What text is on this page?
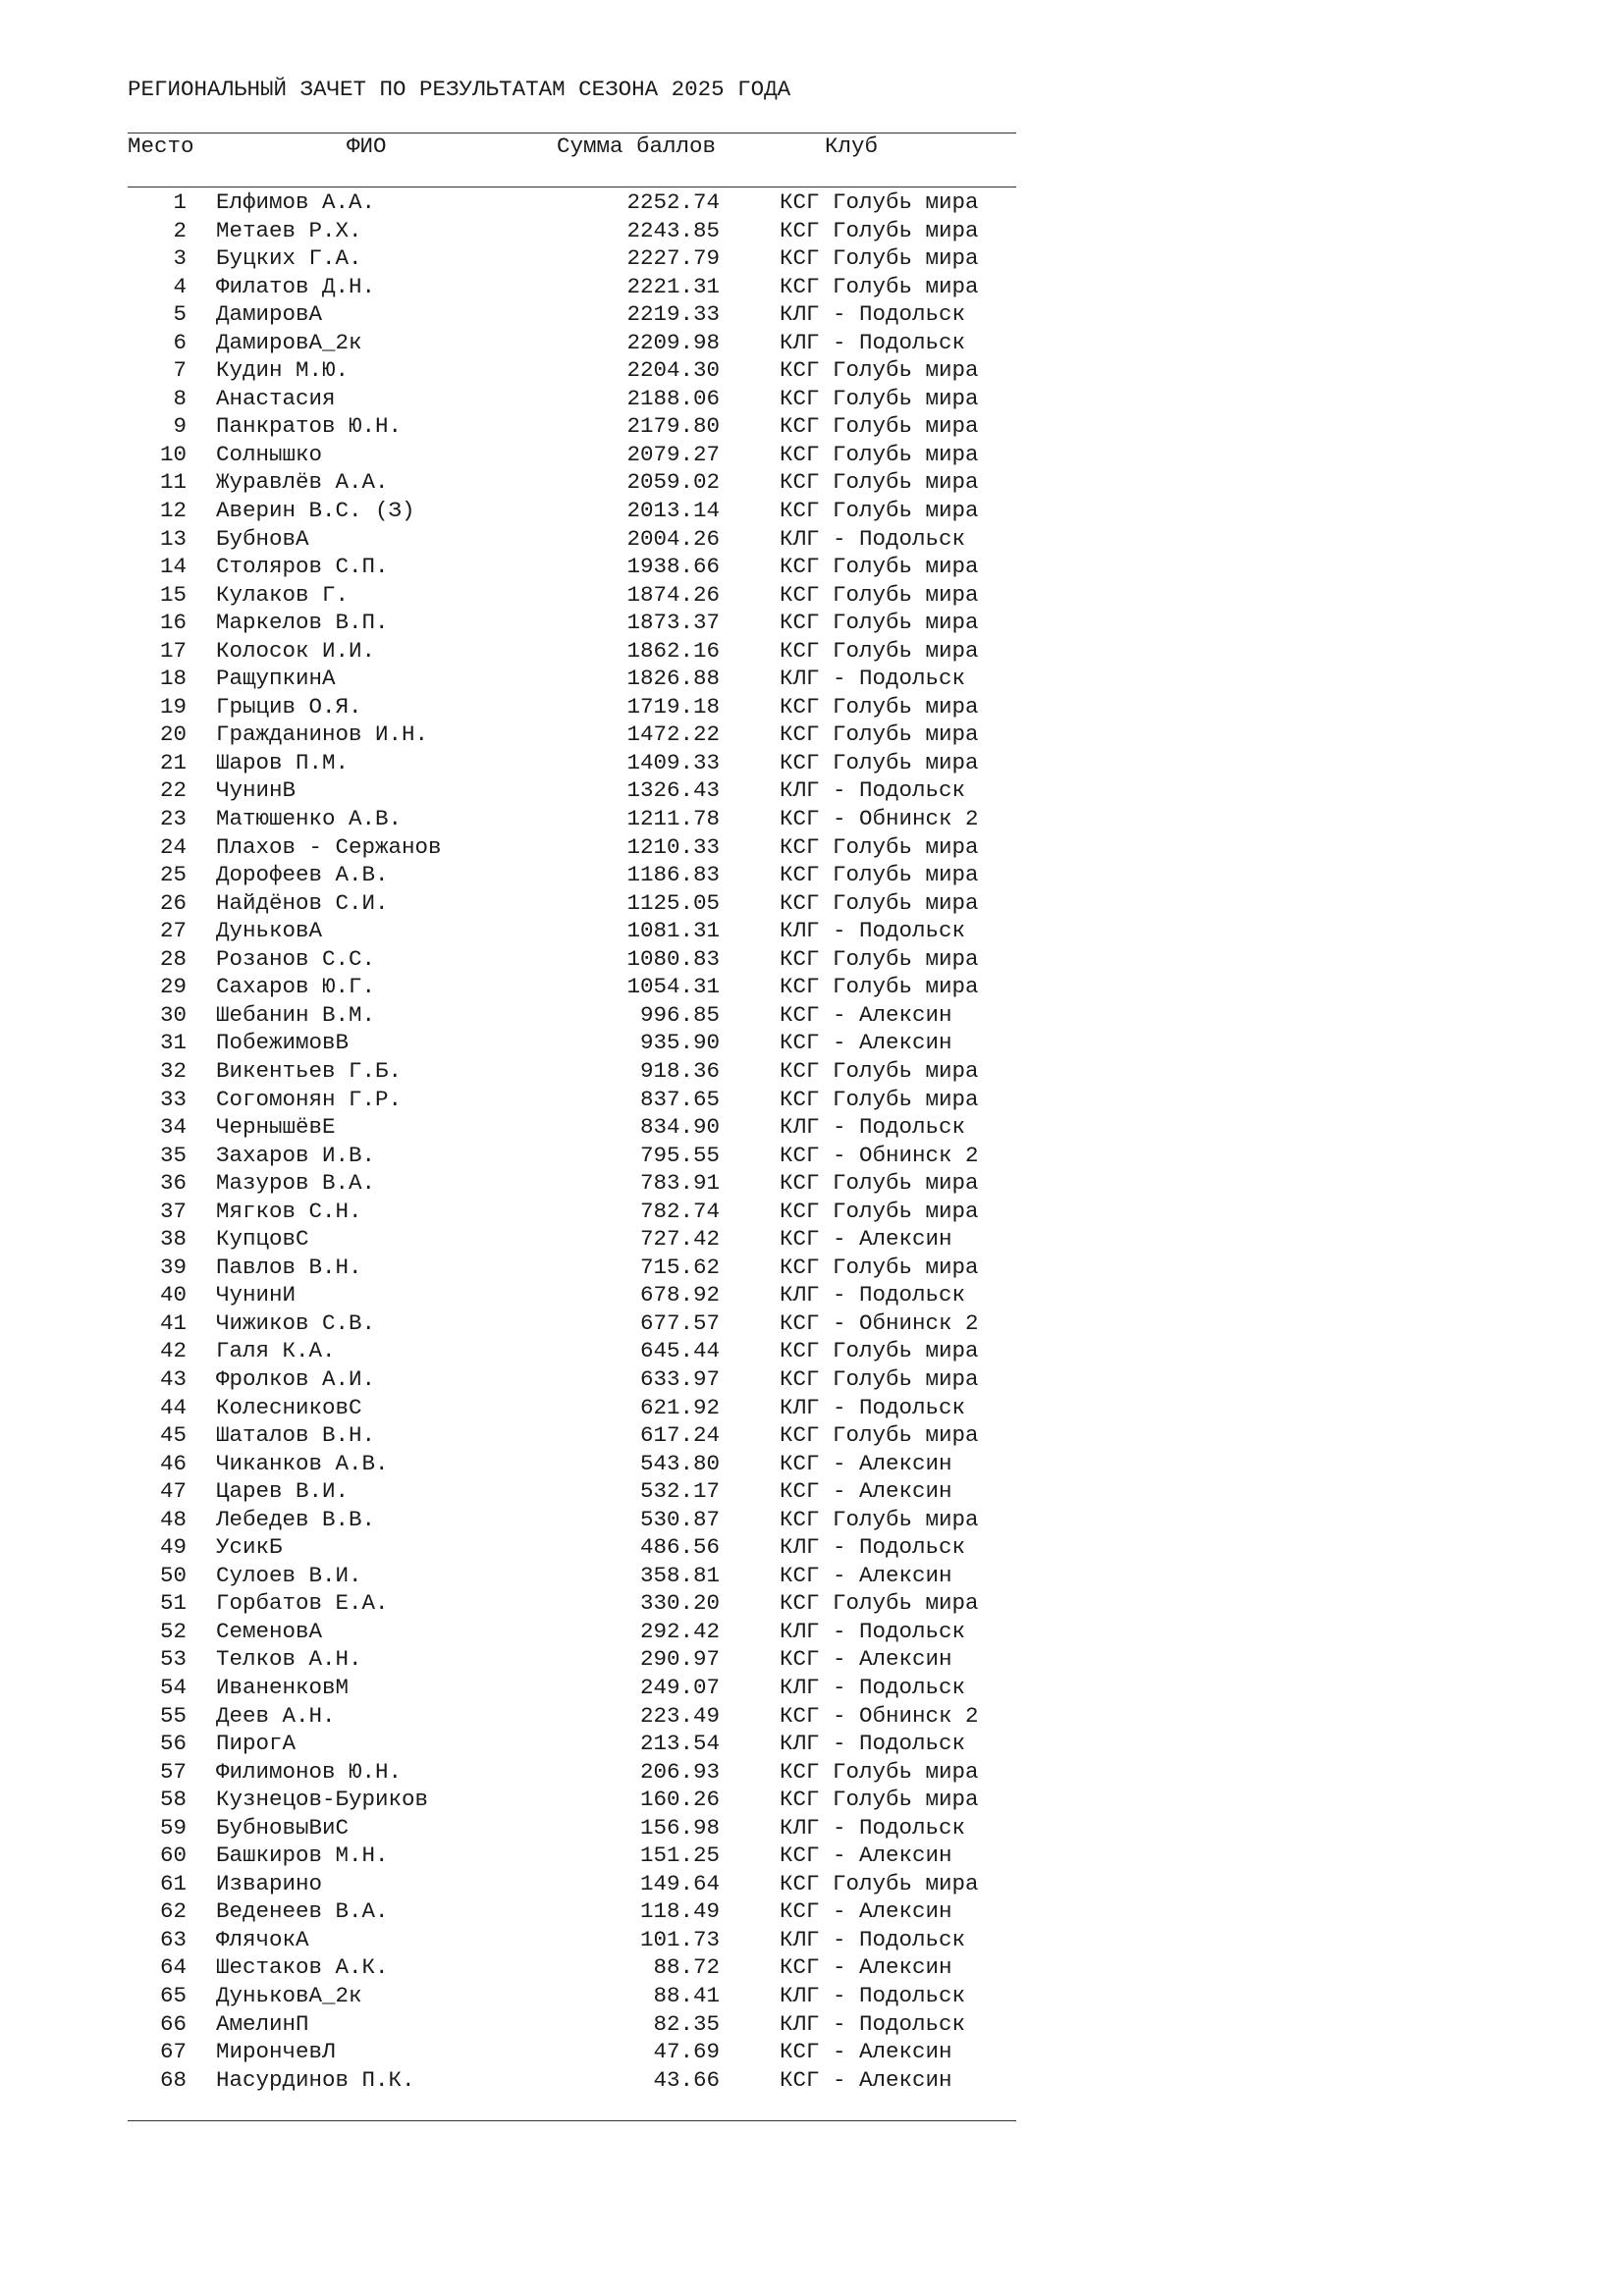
РЕГИОНАЛЬНЫЙ ЗАЧЕТ ПО РЕЗУЛЬТАТАМ СЕЗОНА 2025 ГОДА
Место	ФИО	Сумма баллов	Клуб
1 Елфимов А.А.	2252.74	КСГ Голубь мира
2 Метаев Р.Х.	2243.85	КСГ Голубь мира
3 Буцких Г.А.	2227.79	КСГ Голубь мира
4 Филатов Д.Н.	2221.31	КСГ Голубь мира
5 ДамировА	2219.33	КЛГ - Подольск
6 ДамировА_2к	2209.98	КЛГ - Подольск
7 Кудин М.Ю.	2204.30	КСГ Голубь мира
8 Анастасия	2188.06	КСГ Голубь мира
9 Панкратов Ю.Н.	2179.80	КСГ Голубь мира
10 Солнышко	2079.27	КСГ Голубь мира
11 Журавлёв А.А.	2059.02	КСГ Голубь мира
12 Аверин В.С. (З)	2013.14	КСГ Голубь мира
13 БубновА	2004.26	КЛГ - Подольск
14 Столяров С.П.	1938.66	КСГ Голубь мира
15 Кулаков Г.	1874.26	КСГ Голубь мира
16 Маркелов В.П.	1873.37	КСГ Голубь мира
17 Колосок И.И.	1862.16	КСГ Голубь мира
18 РащупкинА	1826.88	КЛГ - Подольск
19 Грыцив О.Я.	1719.18	КСГ Голубь мира
20 Гражданинов И.Н.	1472.22	КСГ Голубь мира
21 Шаров П.М.	1409.33	КСГ Голубь мира
22 ЧунинВ	1326.43	КЛГ - Подольск
23 Матюшенко А.В.	1211.78	КСГ - Обнинск 2
24 Плахов - Сержанов	1210.33	КСГ Голубь мира
25 Дорофеев А.В.	1186.83	КСГ Голубь мира
26 Найдёнов С.И.	1125.05	КСГ Голубь мира
27 ДуньковА	1081.31	КЛГ - Подольск
28 Розанов С.С.	1080.83	КСГ Голубь мира
29 Сахаров Ю.Г.	1054.31	КСГ Голубь мира
30 Шебанин В.М.	996.85	КСГ - Алексин
31 ПобежимовВ	935.90	КСГ - Алексин
32 Викентьев Г.Б.	918.36	КСГ Голубь мира
33 Согомонян Г.Р.	837.65	КСГ Голубь мира
34 ЧернышёвЕ	834.90	КЛГ - Подольск
35 Захаров И.В.	795.55	КСГ - Обнинск 2
36 Мазуров В.А.	783.91	КСГ Голубь мира
37 Мягков С.Н.	782.74	КСГ Голубь мира
38 КупцовС	727.42	КСГ - Алексин
39 Павлов В.Н.	715.62	КСГ Голубь мира
40 ЧунинИ	678.92	КЛГ - Подольск
41 Чижиков С.В.	677.57	КСГ - Обнинск 2
42 Галя К.А.	645.44	КСГ Голубь мира
43 Фролков А.И.	633.97	КСГ Голубь мира
44 КолесниковС	621.92	КЛГ - Подольск
45 Шаталов В.Н.	617.24	КСГ Голубь мира
46 Чиканков А.В.	543.80	КСГ - Алексин
47 Царев В.И.	532.17	КСГ - Алексин
48 Лебедев В.В.	530.87	КСГ Голубь мира
49 УсикБ	486.56	КЛГ - Подольск
50 Сулоев В.И.	358.81	КСГ - Алексин
51 Горбатов Е.А.	330.20	КСГ Голубь мира
52 СеменовА	292.42	КЛГ - Подольск
53 Телков А.Н.	290.97	КСГ - Алексин
54 ИваненковМ	249.07	КЛГ - Подольск
55 Деев А.Н.	223.49	КСГ - Обнинск 2
56 ПирогА	213.54	КЛГ - Подольск
57 Филимонов Ю.Н.	206.93	КСГ Голубь мира
58 Кузнецов-Буриков	160.26	КСГ Голубь мира
59 БубновыВиС	156.98	КЛГ - Подольск
60 Башкиров М.Н.	151.25	КСГ - Алексин
61 Изварино	149.64	КСГ Голубь мира
62 Веденеев В.А.	118.49	КСГ - Алексин
63 ФлячокА	101.73	КЛГ - Подольск
64 Шестаков А.К.	88.72	КСГ - Алексин
65 ДуньковА_2к	88.41	КЛГ - Подольск
66 АмелинП	82.35	КЛГ - Подольск
67 МирончевЛ	47.69	КСГ - Алексин
68 Насурдинов П.К.	43.66	КСГ - Алексин
